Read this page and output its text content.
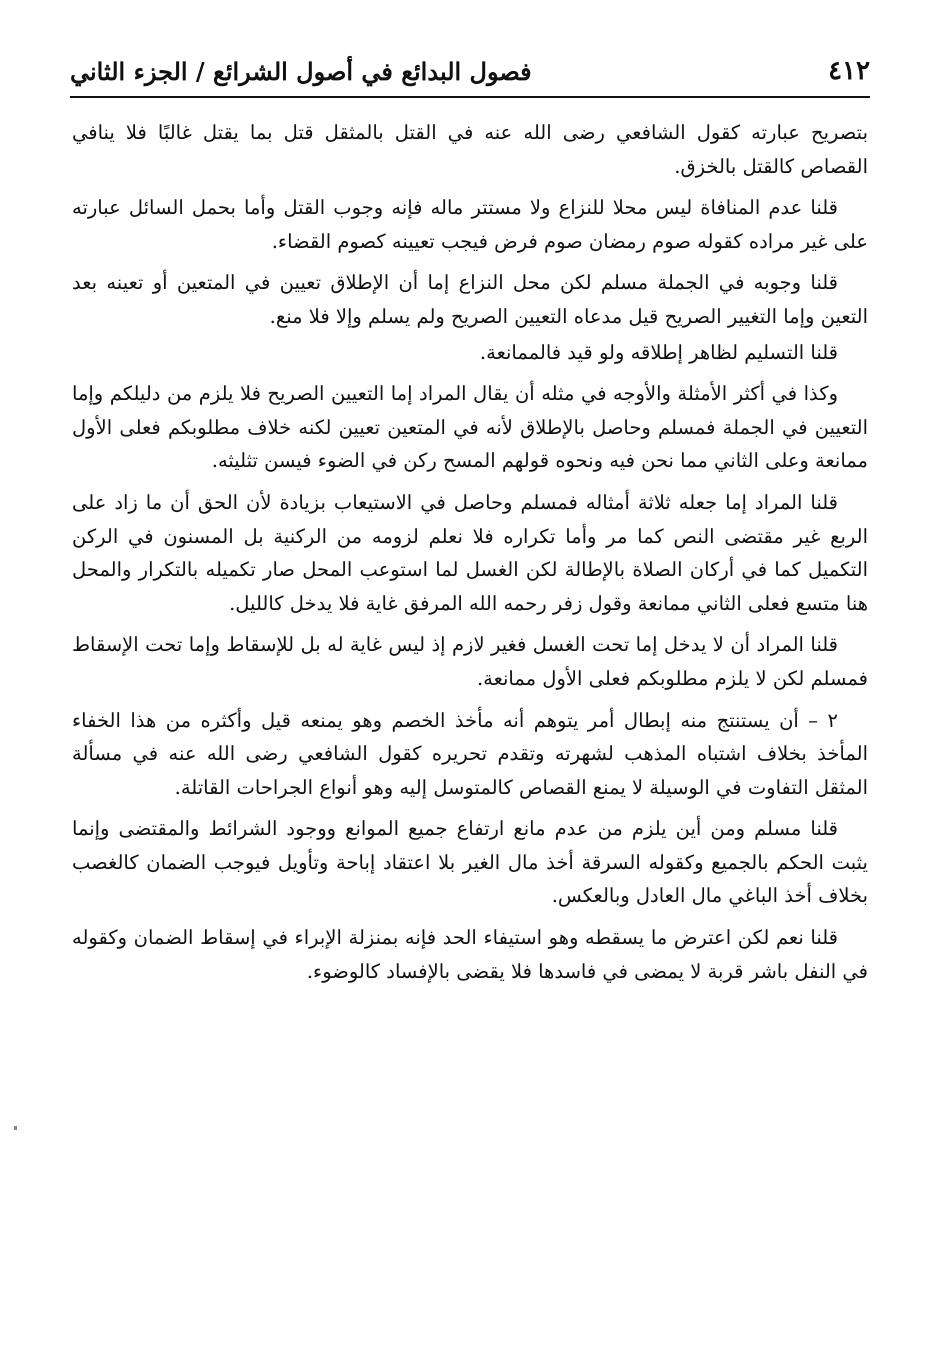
٤١٢
فصول البدائع في أصول الشرائع / الجزء الثاني

بتصريح عبارته كقول الشافعي رضى الله عنه في القتل بالمثقل قتل بما يقتل غالبًا فلا ينافي القصاص كالقتل بالخزق.

قلنا عدم المنافاة ليس محلا للنزاع ولا مستتر ماله فإنه وجوب القتل وأما بحمل السائل عبارته على غير مراده كقوله صوم رمضان صوم فرض فيجب تعيينه كصوم القضاء.

قلنا وجوبه في الجملة مسلم لكن محل النزاع إما أن الإطلاق تعيين في المتعين أو تعينه بعد التعين وإما التغيير الصريح قيل مدعاه التعيين الصريح ولم يسلم وإلا فلا منع.

قلنا التسليم لظاهر إطلاقه ولو قيد فالممانعة.

وكذا في أكثر الأمثلة والأوجه في مثله أن يقال المراد إما التعيين الصريح فلا يلزم من دليلكم وإما التعيين في الجملة فمسلم وحاصل بالإطلاق لأنه في المتعين تعيين لكنه خلاف مطلوبكم فعلى الأول ممانعة وعلى الثاني مما نحن فيه ونحوه قولهم المسح ركن في الضوء فيسن تثليثه.

قلنا المراد إما جعله ثلاثة أمثاله فمسلم وحاصل في الاستيعاب بزيادة لأن الحق أن ما زاد على الربع غير مقتضى النص كما مر وأما تكراره فلا نعلم لزومه من الركنية بل المسنون في الركن التكميل كما في أركان الصلاة بالإطالة لكن الغسل لما استوعب المحل صار تكميله بالتكرار والمحل هنا متسع فعلى الثاني ممانعة وقول زفر رحمه الله المرفق غاية فلا يدخل كالليل.

قلنا المراد أن لا يدخل إما تحت الغسل فغير لازم إذ ليس غاية له بل للإسقاط وإما تحت الإسقاط فمسلم لكن لا يلزم مطلوبكم فعلى الأول ممانعة.

٢ – أن يستنتج منه إبطال أمر يتوهم أنه مأخذ الخصم وهو يمنعه قيل وأكثره من هذا الخفاء المأخذ بخلاف اشتباه المذهب لشهرته وتقدم تحريره كقول الشافعي رضى الله عنه في مسألة المثقل التفاوت في الوسيلة لا يمنع القصاص كالمتوسل إليه وهو أنواع الجراحات القاتلة.

قلنا مسلم ومن أين يلزم من عدم مانع ارتفاع جميع الموانع ووجود الشرائط والمقتضى وإنما يثبت الحكم بالجميع وكقوله السرقة أخذ مال الغير بلا اعتقاد إباحة وتأويل فيوجب الضمان كالغصب بخلاف أخذ الباغي مال العادل وبالعكس.

قلنا نعم لكن اعترض ما يسقطه وهو استيفاء الحد فإنه بمنزلة الإبراء في إسقاط الضمان وكقوله في النفل باشر قربة لا يمضى في فاسدها فلا يقضى بالإفساد كالوضوء.
